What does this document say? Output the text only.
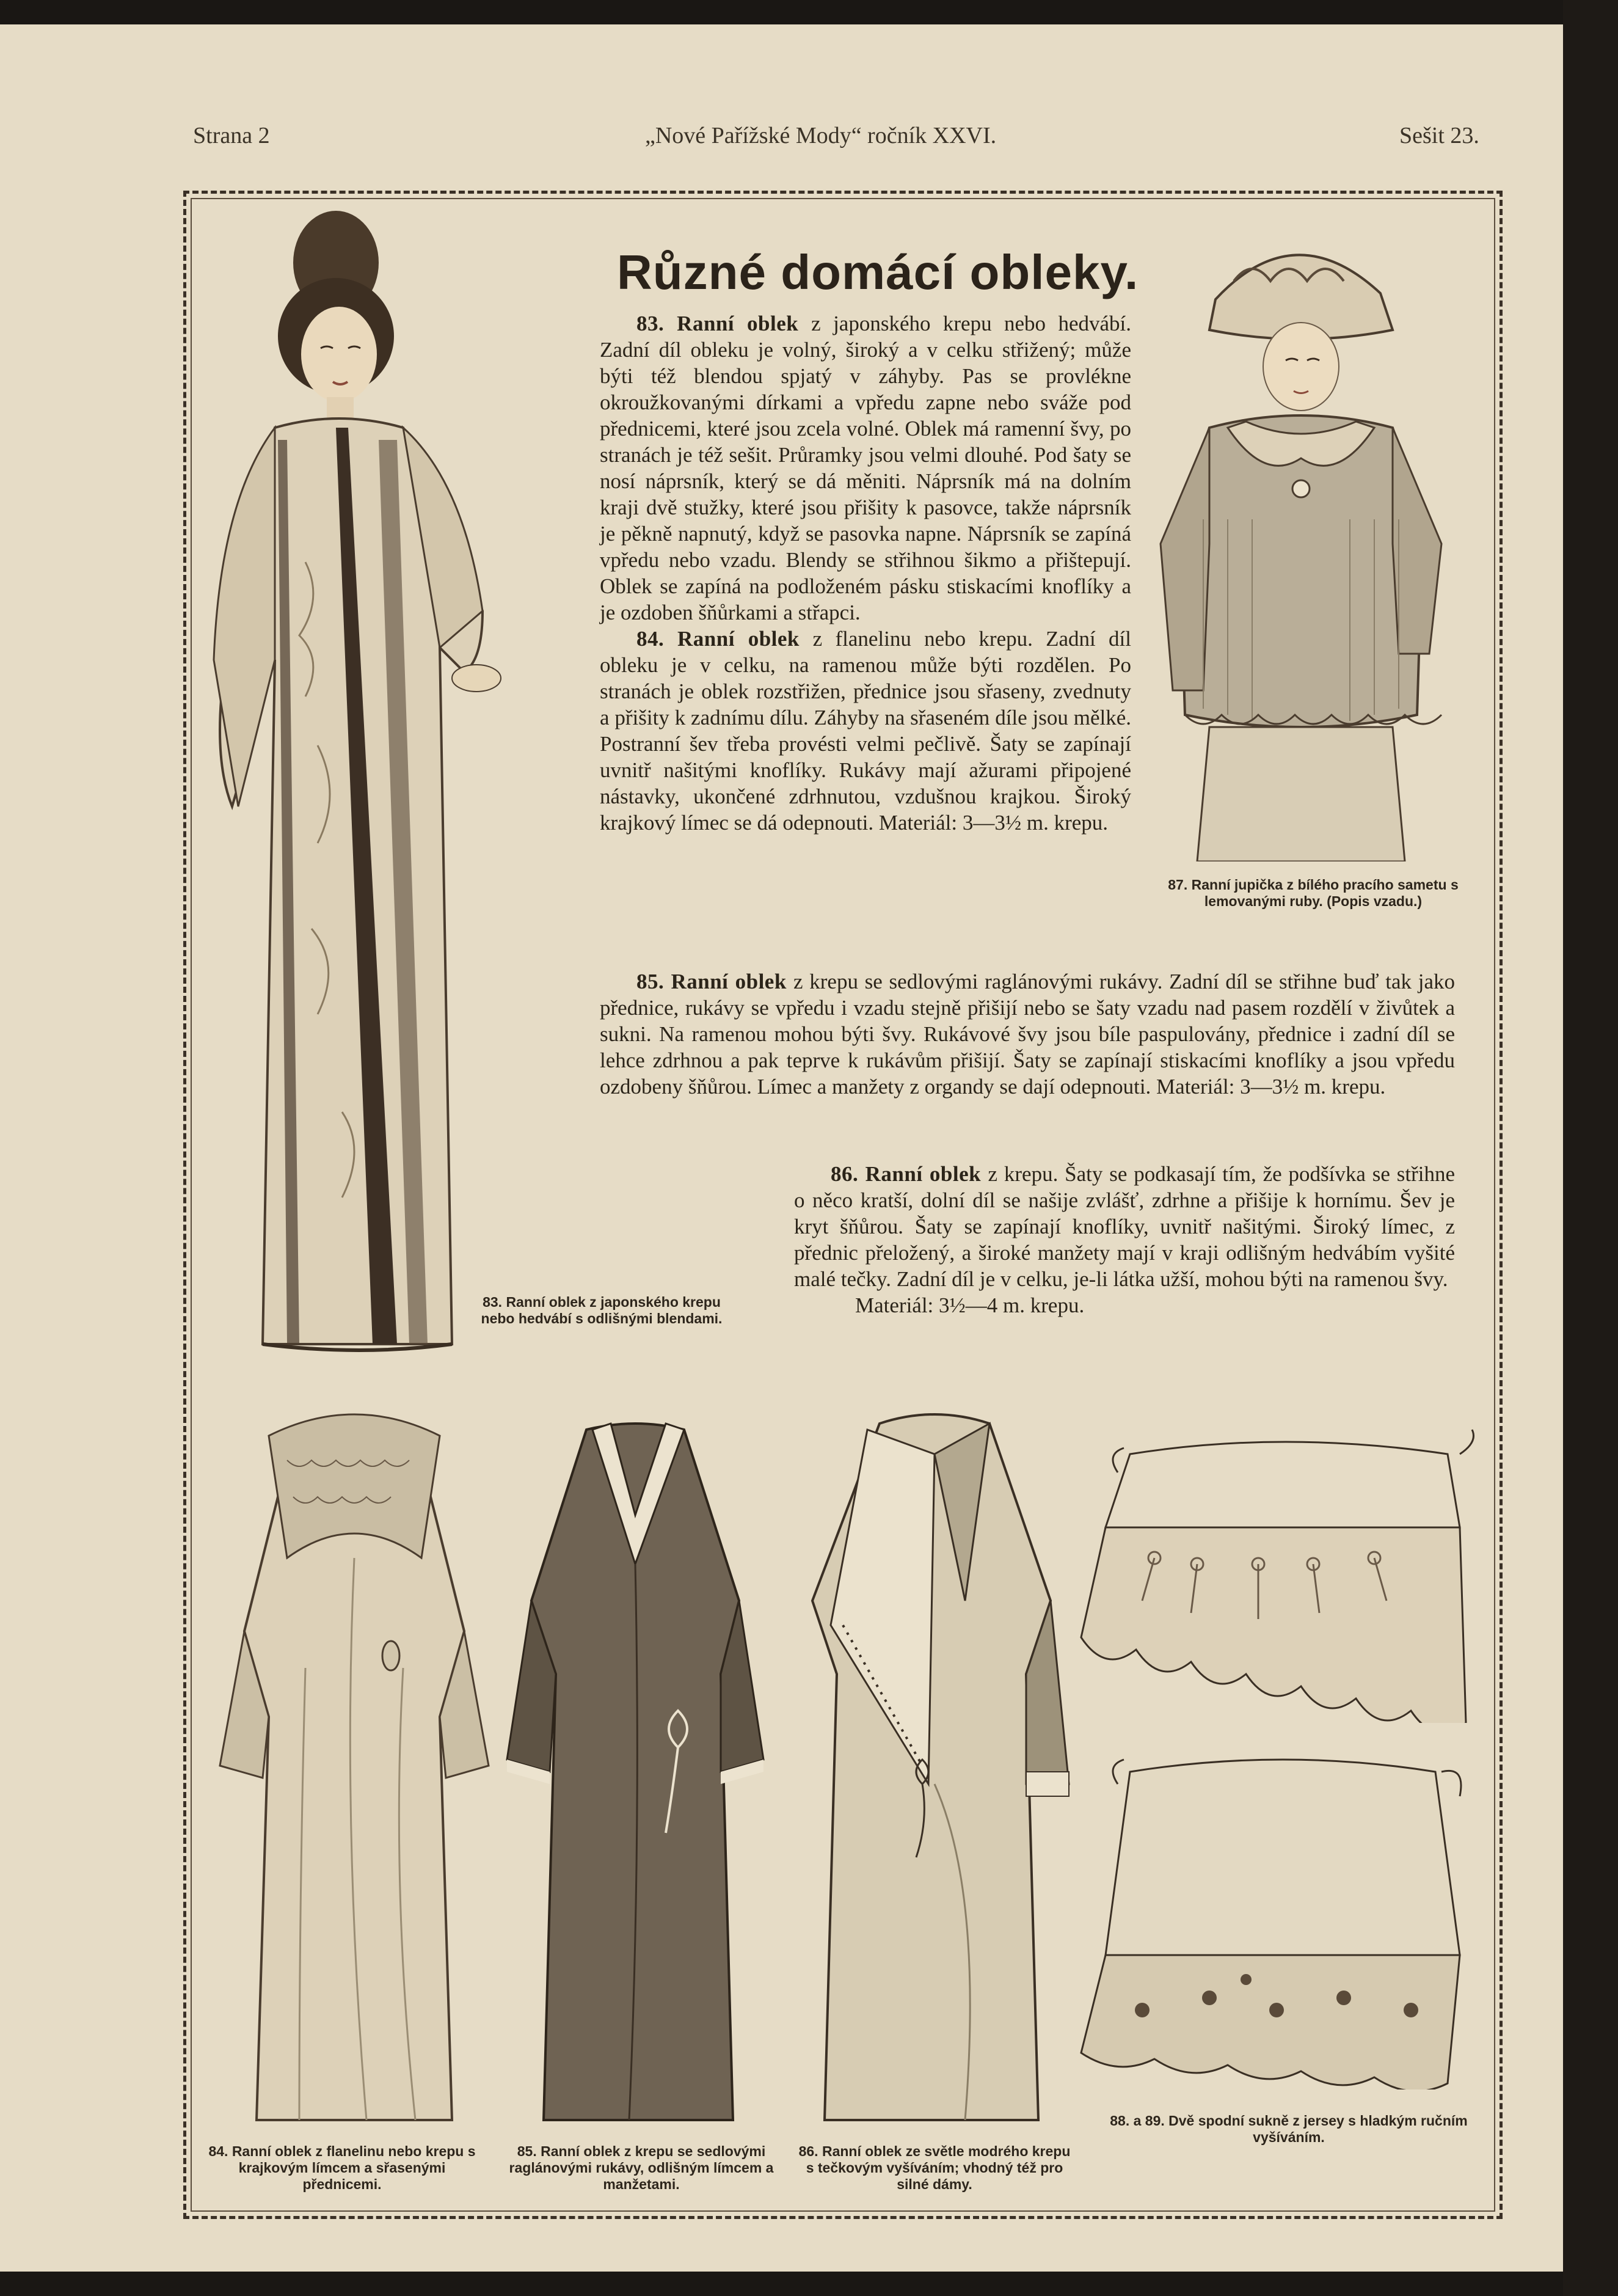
Strana 2	„Nové Pařížské Mody“ ročník XXVI.	Sešit 23.
Různé domácí obleky.

83. Ranní oblek z japonského krepu nebo hedvábí. Zadní díl obleku je volný, široký a v celku střižený; může býti též blendou spjatý v záhyby. Pas se provlékne okroužkovanými dírkami a vpředu zapne nebo sváže pod přednicemi, které jsou zcela volné. Oblek má ramenní švy, po stranách je též sešit. Průramky jsou velmi dlouhé. Pod šaty se nosí náprsník, který se dá měniti. Náprsník má na dolním kraji dvě stužky, které jsou přišity k pasovce, takže náprsník je pěkně napnutý, když se pasovka napne. Náprsník se zapíná vpředu nebo vzadu. Blendy se střihnou šikmo a přištepují. Oblek se zapíná na podloženém pásku stiskacími knoflíky a je ozdoben šňůrkami a střapci.

84. Ranní oblek z flanelinu nebo krepu. Zadní díl obleku je v celku, na ramenou může býti rozdělen. Po stranách je oblek rozstřižen, přednice jsou sřaseny, zvednuty a přišity k zadnímu dílu. Záhyby na sřaseném díle jsou mělké. Postranní šev třeba provésti velmi pečlivě. Šaty se zapínají uvnitř našitými knoflíky. Rukávy mají ažurami připojené nástavky, ukončené zdrhnutou, vzdušnou krajkou. Široký krajkový límec se dá odepnouti. Materiál: 3—3½ m. krepu.

85. Ranní oblek z krepu se sedlovými raglánovými rukávy. Zadní díl se střihne buď tak jako přednice, rukávy se vpředu i vzadu stejně přišijí nebo se šaty vzadu nad pasem rozdělí v živůtek a sukni. Na ramenou mohou býti švy. Rukávové švy jsou bíle paspulovány, přednice i zadní díl se lehce zdrhnou a pak teprve k rukávům přišijí. Šaty se zapínají stiskacími knoflíky a jsou vpředu ozdobeny šňůrou. Límec a manžety z organdy se dají odepnouti. Materiál: 3—3½ m. krepu.

86. Ranní oblek z krepu. Šaty se podkasají tím, že podšívka se střihne o něco kratší, dolní díl se našije zvlášť, zdrhne a přišije k hornímu. Šev je kryt šňůrou. Šaty se zapínají knoflíky, uvnitř našitými. Široký límec, z přednic přeložený, a široké manžety mají v kraji odlišným hedvábím vyšité malé tečky. Zadní díl je v celku, je-li látka užší, mohou býti na ramenou švy.

Materiál: 3½—4 m. krepu.

83. Ranní oblek z japonského krepu nebo hedvábí s odlišnými blendami.
87. Ranní jupička z bílého pracího sametu s lemovanými ruby. (Popis vzadu.)
84. Ranní oblek z flanelinu nebo krepu s krajkovým límcem a sřasenými přednicemi.
85. Ranní oblek z krepu se sedlovými raglánovými rukávy, odlišným límcem a manžetami.
86. Ranní oblek ze světle modrého krepu s tečkovým vyšíváním; vhodný též pro silné dámy.
88. a 89. Dvě spodní sukně z jersey s hladkým ručním vyšíváním.
